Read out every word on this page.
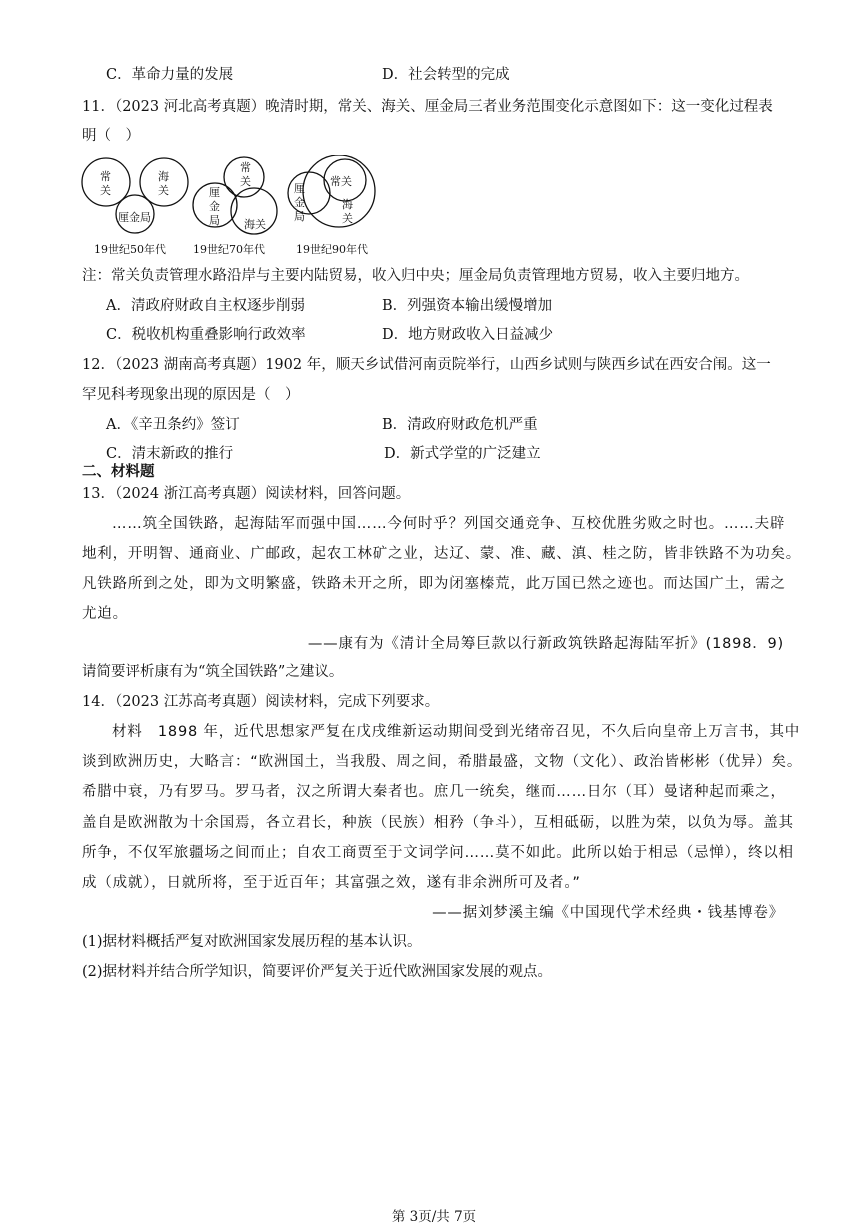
C．革命力量的发展	D．社会转型的完成
11．（2023 河北高考真题）晚清时期，常关、海关、厘金局三者业务范围变化示意图如下：这一变化过程表
明（　）
常关
海关
厘金局
常关
厘金局 海关
常关
厘金局
海关
19世纪50年代 19世纪70年代	19世纪90年代
注：常关负责管理水路沿岸与主要内陆贸易，收入归中央；厘金局负责管理地方贸易，收入主要归地方。
A．清政府财政自主权逐步削弱	B．列强资本输出缓慢增加
C．税收机构重叠影响行政效率	D．地方财政收入日益减少
12．（2023 湖南高考真题）1902 年，顺天乡试借河南贡院举行，山西乡试则与陕西乡试在西安合闱。这一
罕见科考现象出现的原因是（　）
A．《辛丑条约》签订	B．清政府财政危机严重
C．清末新政的推行	D．新式学堂的广泛建立
二、材料题
13．（2024 浙江高考真题）阅读材料，回答问题。
……筑全国铁路，起海陆军而强中国……今何时乎？列国交通竞争、互校优胜劣败之时也。……夫辟
地利，开明智、通商业、广邮政，起农工林矿之业，达辽、蒙、准、藏、滇、桂之防，皆非铁路不为功矣。
凡铁路所到之处，即为文明繁盛，铁路未开之所，即为闭塞榛荒，此万国已然之迹也。而达国广土，需之
尤迫。
——康有为《清计全局筹巨款以行新政筑铁路起海陆军折》(1898．9)
请简要评析康有为“筑全国铁路”之建议。
14．（2023 江苏高考真题）阅读材料，完成下列要求。
材料　1898 年，近代思想家严复在戊戌维新运动期间受到光绪帝召见，不久后向皇帝上万言书，其中
谈到欧洲历史，大略言：“欧洲国土，当我殷、周之间，希腊最盛，文物（文化）、政治皆彬彬（优异）矣。
希腊中衰，乃有罗马。罗马者，汉之所谓大秦者也。庶几一统矣，继而……日尔（耳）曼诸种起而乘之，
盖自是欧洲散为十余国焉，各立君长，种族（民族）相矜（争斗），互相砥砺，以胜为荣，以负为辱。盖其
所争，不仅军旅疆场之间而止；自农工商贾至于文词学问……莫不如此。此所以始于相忌（忌惮），终以相
成（成就），日就所将，至于近百年；其富强之效，遂有非余洲所可及者。”
——据刘梦溪主编《中国现代学术经典・钱基博卷》
(1)据材料概括严复对欧洲国家发展历程的基本认识。
(2)据材料并结合所学知识，简要评价严复关于近代欧洲国家发展的观点。
第 3页/共 7页
